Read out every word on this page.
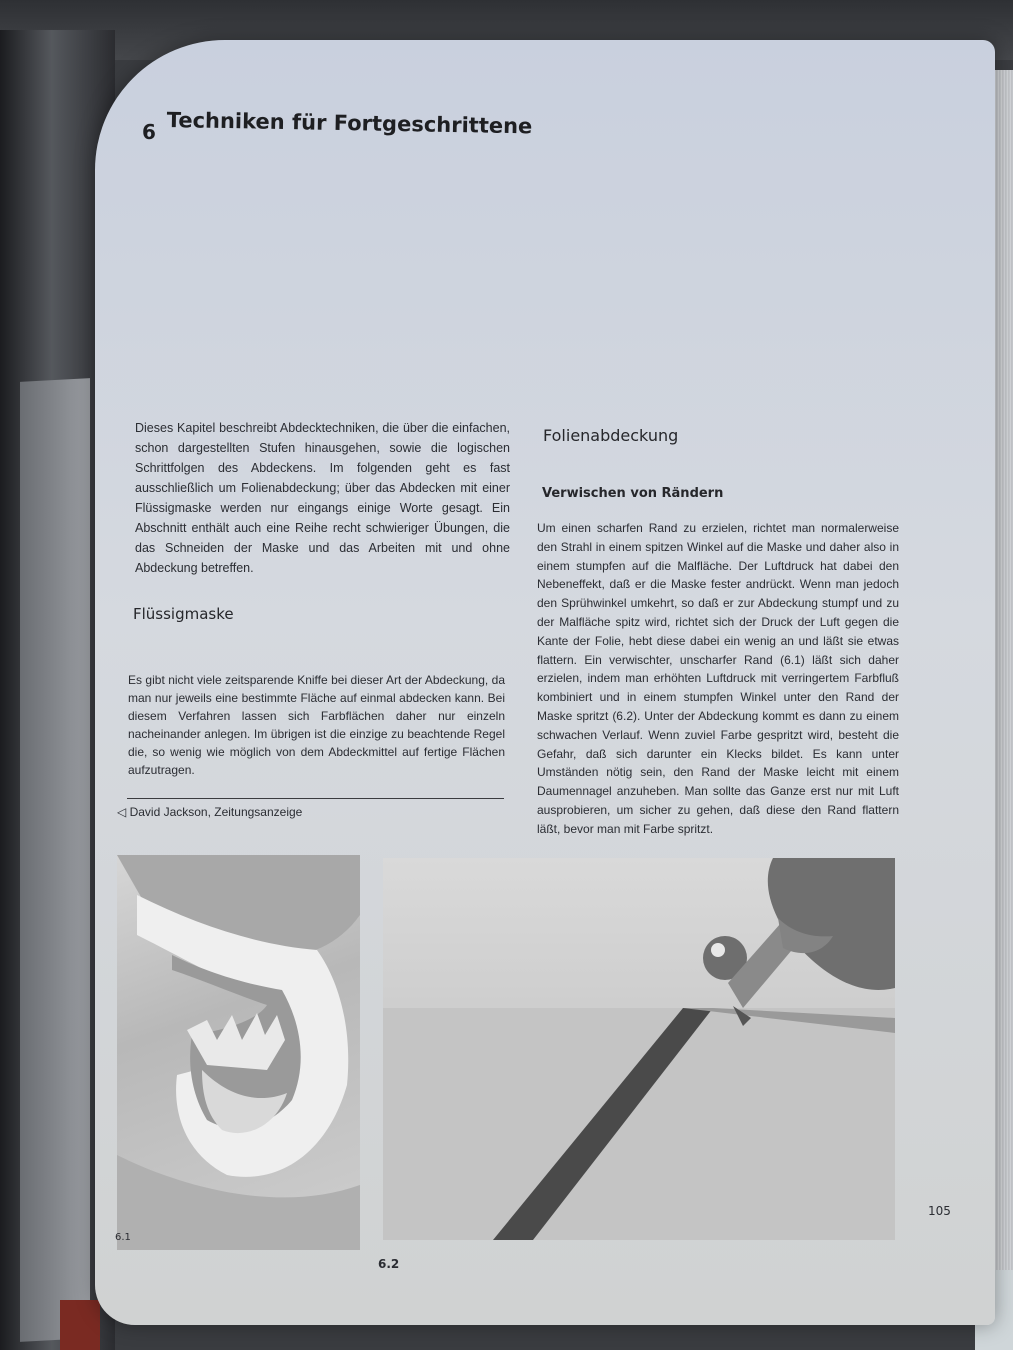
6 Techniken für Fortgeschrittene
Dieses Kapitel beschreibt Abdecktechniken, die über die einfachen, schon dargestellten Stufen hinausgehen, sowie die logischen Schrittfolgen des Abdeckens. Im folgenden geht es fast ausschließlich um Folienabdeckung; über das Abdecken mit einer Flüssigmaske werden nur eingangs einige Worte gesagt. Ein Abschnitt enthält auch eine Reihe recht schwieriger Übungen, die das Schneiden der Maske und das Arbeiten mit und ohne Abdeckung betreffen.
Flüssigmaske
Es gibt nicht viele zeitsparende Kniffe bei dieser Art der Abdeckung, da man nur jeweils eine bestimmte Fläche auf einmal abdecken kann. Bei diesem Verfahren lassen sich Farbflächen daher nur einzeln nacheinander anlegen. Im übrigen ist die einzige zu beachtende Regel die, so wenig wie möglich von dem Abdeckmittel auf fertige Flächen aufzutragen.
◁ David Jackson, Zeitungsanzeige
Folienabdeckung
Verwischen von Rändern
Um einen scharfen Rand zu erzielen, richtet man normalerweise den Strahl in einem spitzen Winkel auf die Maske und daher also in einem stumpfen auf die Malfläche. Der Luftdruck hat dabei den Nebeneffekt, daß er die Maske fester andrückt. Wenn man jedoch den Sprühwinkel umkehrt, so daß er zur Abdeckung stumpf und zu der Malfläche spitz wird, richtet sich der Druck der Luft gegen die Kante der Folie, hebt diese dabei ein wenig an und läßt sie etwas flattern. Ein verwischter, unscharfer Rand (6.1) läßt sich daher erzielen, indem man erhöhten Luftdruck mit verringertem Farbfluß kombiniert und in einem stumpfen Winkel unter den Rand der Maske spritzt (6.2). Unter der Abdeckung kommt es dann zu einem schwachen Verlauf. Wenn zuviel Farbe gespritzt wird, besteht die Gefahr, daß sich darunter ein Klecks bildet. Es kann unter Umständen nötig sein, den Rand der Maske leicht mit einem Daumennagel anzuheben. Man sollte das Ganze erst nur mit Luft ausprobieren, um sicher zu gehen, daß diese den Rand flattern läßt, bevor man mit Farbe spritzt.
6.1
6.2
105
